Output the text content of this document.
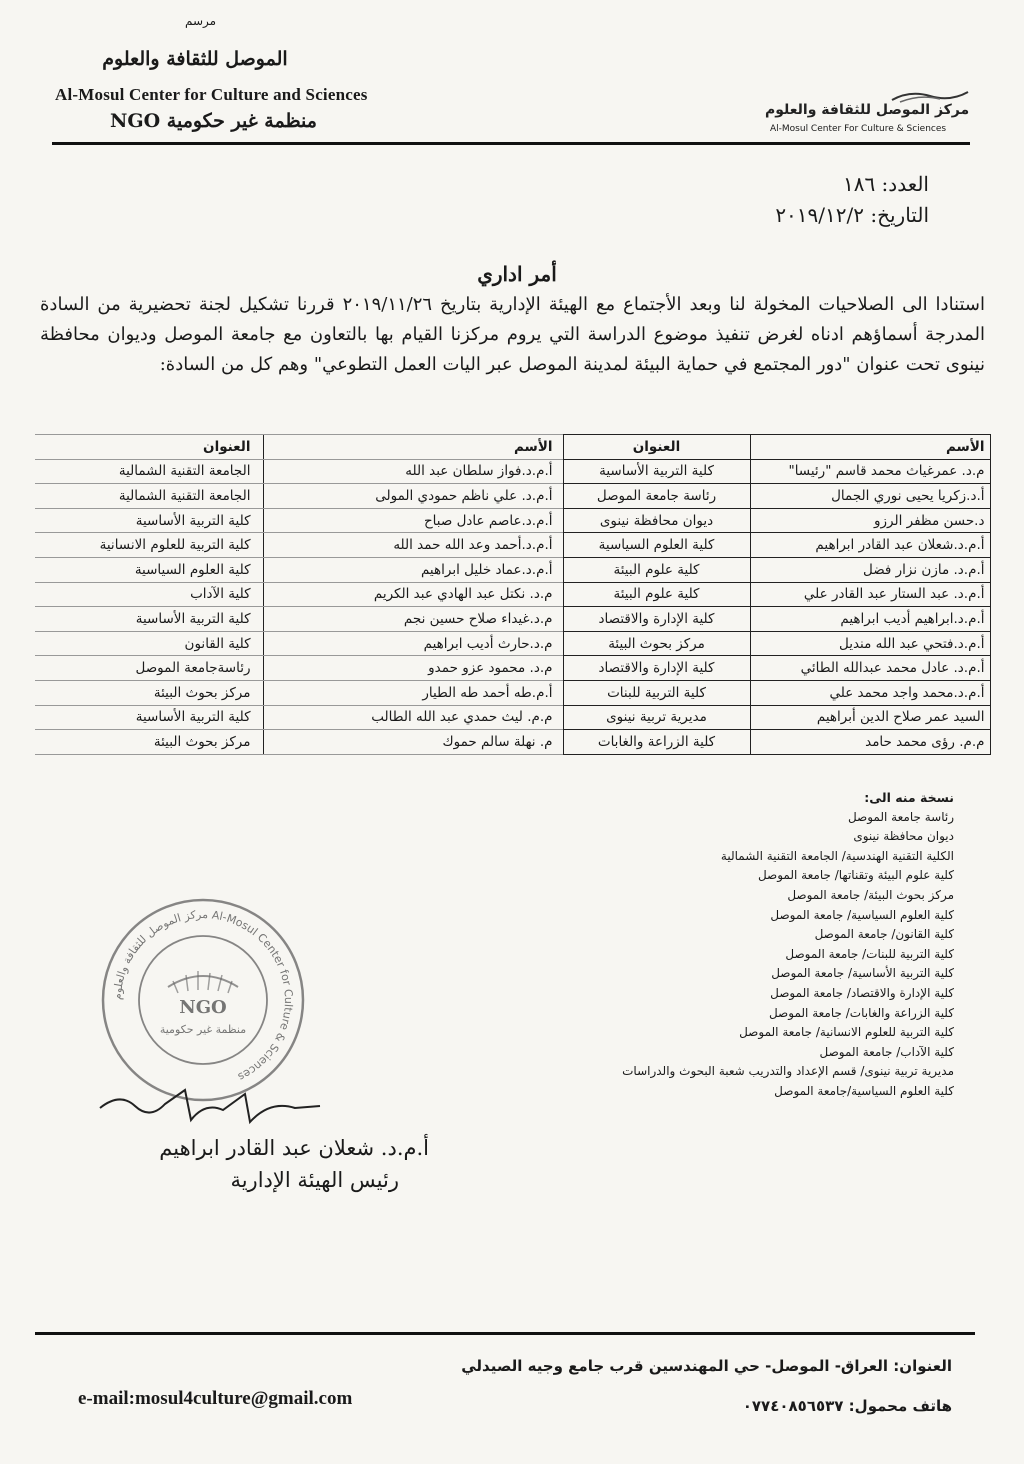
مرسم
الموصل للثقافة والعلوم
Al-Mosul Center for Culture and Sciences
منظمة غير حكومية NGO	مركز الموصل للثقافة والعلوم
Al-Mosul Center For Culture & Sciences
العدد: ١٨٦
التاريخ: ٢٠١٩/١٢/٢
أمر اداري
استنادا الى الصلاحيات المخولة لنا وبعد الأجتماع مع الهيئة الإدارية بتاريخ ٢٠١٩/١١/٢٦ قررنا تشكيل لجنة تحضيرية من السادة المدرجة أسماؤهم ادناه لغرض تنفيذ موضوع الدراسة التي يروم مركزنا القيام بها بالتعاون مع جامعة الموصل وديوان محافظة نينوى تحت عنوان "دور المجتمع في حماية البيئة لمدينة الموصل عبر اليات العمل التطوعي" وهم كل من السادة:
الأسم	العنوان	الأسم	العنوان
م.د. عمرغياث محمد قاسم "رئيسا"	كلية التربية الأساسية	أ.م.د.فواز سلطان عبد الله	الجامعة التقنية الشمالية
أ.د.زكريا يحيى نوري الجمال	رئاسة جامعة الموصل	أ.م.د. علي ناظم حمودي المولى	الجامعة التقنية الشمالية
د.حسن مظفر الرزو	ديوان محافظة نينوى	أ.م.د.عاصم عادل صباح	كلية التربية الأساسية
أ.م.د.شعلان عبد القادر ابراهيم	كلية العلوم السياسية	أ.م.د.أحمد وعد الله حمد الله	كلية التربية للعلوم الانسانية
أ.م.د. مازن نزار فضل	كلية علوم البيئة	أ.م.د.عماد خليل ابراهيم	كلية العلوم السياسية
أ.م.د. عبد الستار عبد القادر علي	كلية علوم البيئة	م.د. نكتل عبد الهادي عبد الكريم	كلية الآداب
أ.م.د.ابراهيم أديب ابراهيم	كلية الإدارة والاقتصاد	م.د.غيداء صلاح حسين نجم	كلية التربية الأساسية
أ.م.د.فتحي عبد الله منديل	مركز بحوث البيئة	م.د.حارث أديب ابراهيم	كلية القانون
أ.م.د. عادل محمد عبدالله الطائي	كلية الإدارة والاقتصاد	م.د. محمود عزو حمدو	رئاسةجامعة الموصل
أ.م.د.محمد واجد محمد علي	كلية التربية للبنات	أ.م.طه أحمد طه الطيار	مركز بحوث البيئة
السيد عمر صلاح الدين أبراهيم	مديرية تربية نينوى	م.م. ليث حمدي عبد الله الطالب	كلية التربية الأساسية
م.م. رؤى محمد حامد	كلية الزراعة والغابات	م. نهلة سالم حموك	مركز بحوث البيئة
نسخة منه الى:
رئاسة جامعة الموصل
ديوان محافظة نينوى
الكلية التقنية الهندسية/ الجامعة التقنية الشمالية
كلية علوم البيئة وتقناتها/ جامعة الموصل
مركز بحوث البيئة/ جامعة الموصل
كلية العلوم السياسية/ جامعة الموصل
كلية القانون/ جامعة الموصل
كلية التربية للبنات/ جامعة الموصل
كلية التربية الأساسية/ جامعة الموصل
كلية الإدارة والاقتصاد/ جامعة الموصل
كلية الزراعة والغابات/ جامعة الموصل
كلية التربية للعلوم الانسانية/ جامعة الموصل
كلية الآداب/ جامعة الموصل
مديرية تربية نينوى/ قسم الإعداد والتدريب شعبة البحوث والدراسات
كلية العلوم السياسية/جامعة الموصل
مركز الموصل للثقافة والعلوم Al-Mosul Center for Culture & Sciences
NGO
منظمة غير حكومية
أ.م.د. شعلان عبد القادر ابراهيم
رئيس الهيئة الإدارية
العنوان: العراق- الموصل- حي المهندسين قرب جامع وجيه الصيدلي
هاتف محمول: ٠٧٧٤٠٨٥٦٥٣٧
e-mail:mosul4culture@gmail.com
